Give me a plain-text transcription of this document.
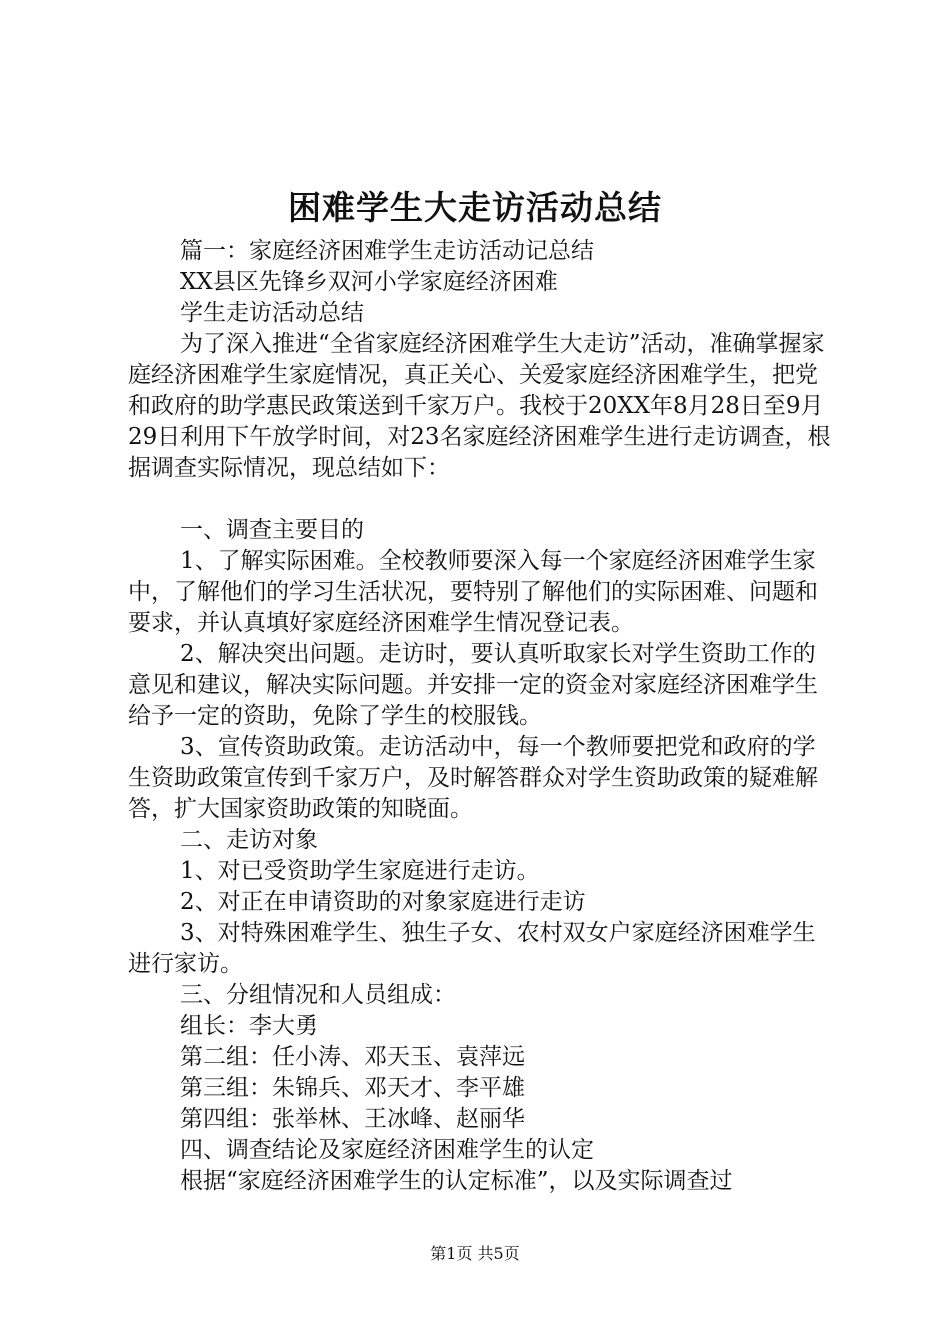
困难学生大走访活动总结

篇一：家庭经济困难学生走访活动记总结

XX县区先锋乡双河小学家庭经济困难

学生走访活动总结

为了深入推进“全省家庭经济困难学生大走访”活动，准确掌握家庭经济困难学生家庭情况，真正关心、关爱家庭经济困难学生，把党和政府的助学惠民政策送到千家万户。我校于20XX年8月28日至9月29日利用下午放学时间，对23名家庭经济困难学生进行走访调查，根据调查实际情况，现总结如下：

一、调查主要目的

1、了解实际困难。全校教师要深入每一个家庭经济困难学生家中，了解他们的学习生活状况，要特别了解他们的实际困难、问题和要求，并认真填好家庭经济困难学生情况登记表。

2、解决突出问题。走访时，要认真听取家长对学生资助工作的意见和建议，解决实际问题。并安排一定的资金对家庭经济困难学生给予一定的资助，免除了学生的校服钱。

3、宣传资助政策。走访活动中，每一个教师要把党和政府的学生资助政策宣传到千家万户，及时解答群众对学生资助政策的疑难解答，扩大国家资助政策的知晓面。

二、走访对象

1、对已受资助学生家庭进行走访。

2、对正在申请资助的对象家庭进行走访

3、对特殊困难学生、独生子女、农村双女户家庭经济困难学生进行家访。

三、分组情况和人员组成：

组长：李大勇

第二组：任小涛、邓天玉、袁萍远

第三组：朱锦兵、邓天才、李平雄

第四组：张举林、王冰峰、赵丽华

四、调查结论及家庭经济困难学生的认定

根据“家庭经济困难学生的认定标准”，以及实际调查过

第1页 共5页
